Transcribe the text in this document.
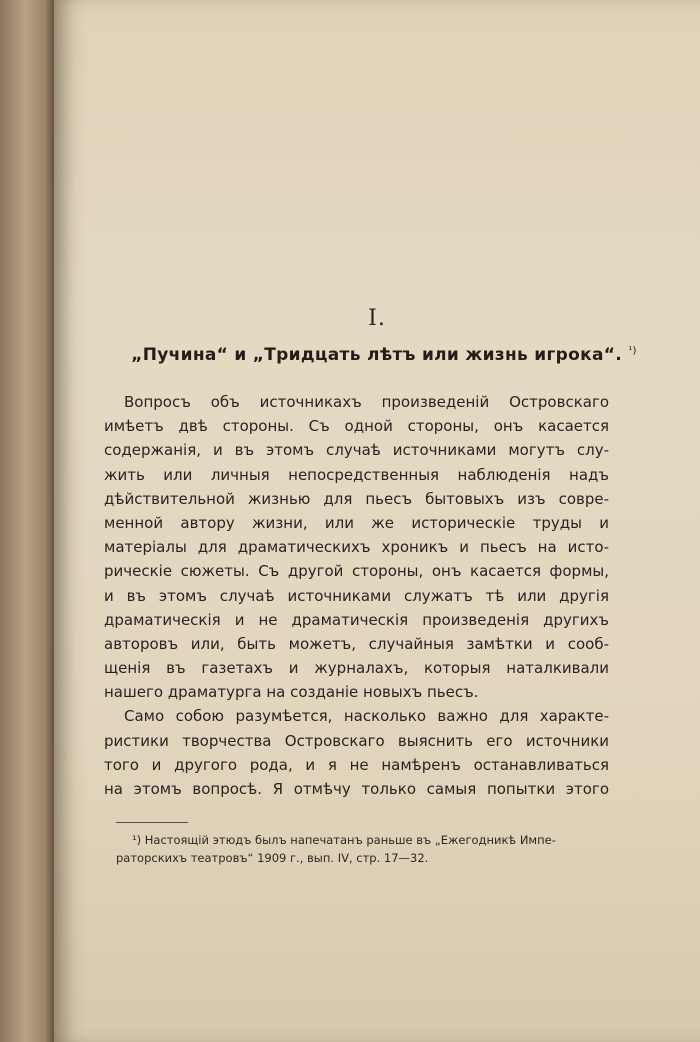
I.
„Пучина“ и „Тридцать лѣтъ или жизнь игрока“. $^{^1)}$
Вопросъ объ источникахъ произведеній Островскаго
имѣетъ двѣ стороны. Съ одной стороны, онъ касается
содержанія, и въ этомъ случаѣ источниками могутъ слу-
жить или личныя непосредственныя наблюденія надъ
дѣйствительной жизнью для пьесъ бытовыхъ изъ совре-
менной автору жизни, или же историческіе труды и
матеріалы для драматическихъ хроникъ и пьесъ на исто-
рическіе сюжеты. Съ другой стороны, онъ касается формы,
и въ этомъ случаѣ источниками служатъ тѣ или другія
драматическія и не драматическія произведенія другихъ
авторовъ или, быть можетъ, случайныя замѣтки и сооб-
щенія въ газетахъ и журналахъ, которыя наталкивали
нашего драматурга на созданіе новыхъ пьесъ.
Само собою разумѣется, насколько важно для характе-
ристики творчества Островскаго выяснить его источники
того и другого рода, и я не намѣренъ останавливаться
на этомъ вопросѣ. Я отмѣчу только самыя попытки этого
¹) Настоящій этюдъ былъ напечатанъ раньше въ „Ежегодникѣ Импе-
раторскихъ театровъ“ 1909 г., вып. IV, стр. 17—32.
